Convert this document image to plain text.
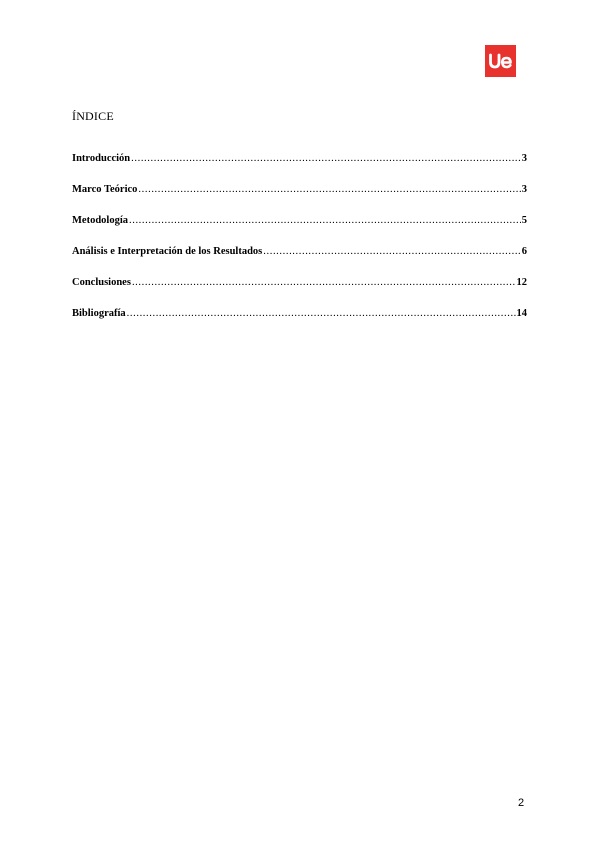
ÍNDICE
Introducción .....	3
Marco Teórico .....	3
Metodología .....	5
Análisis e Interpretación de los Resultados .....	6
Conclusiones .....	12
Bibliografía .....	14
2
